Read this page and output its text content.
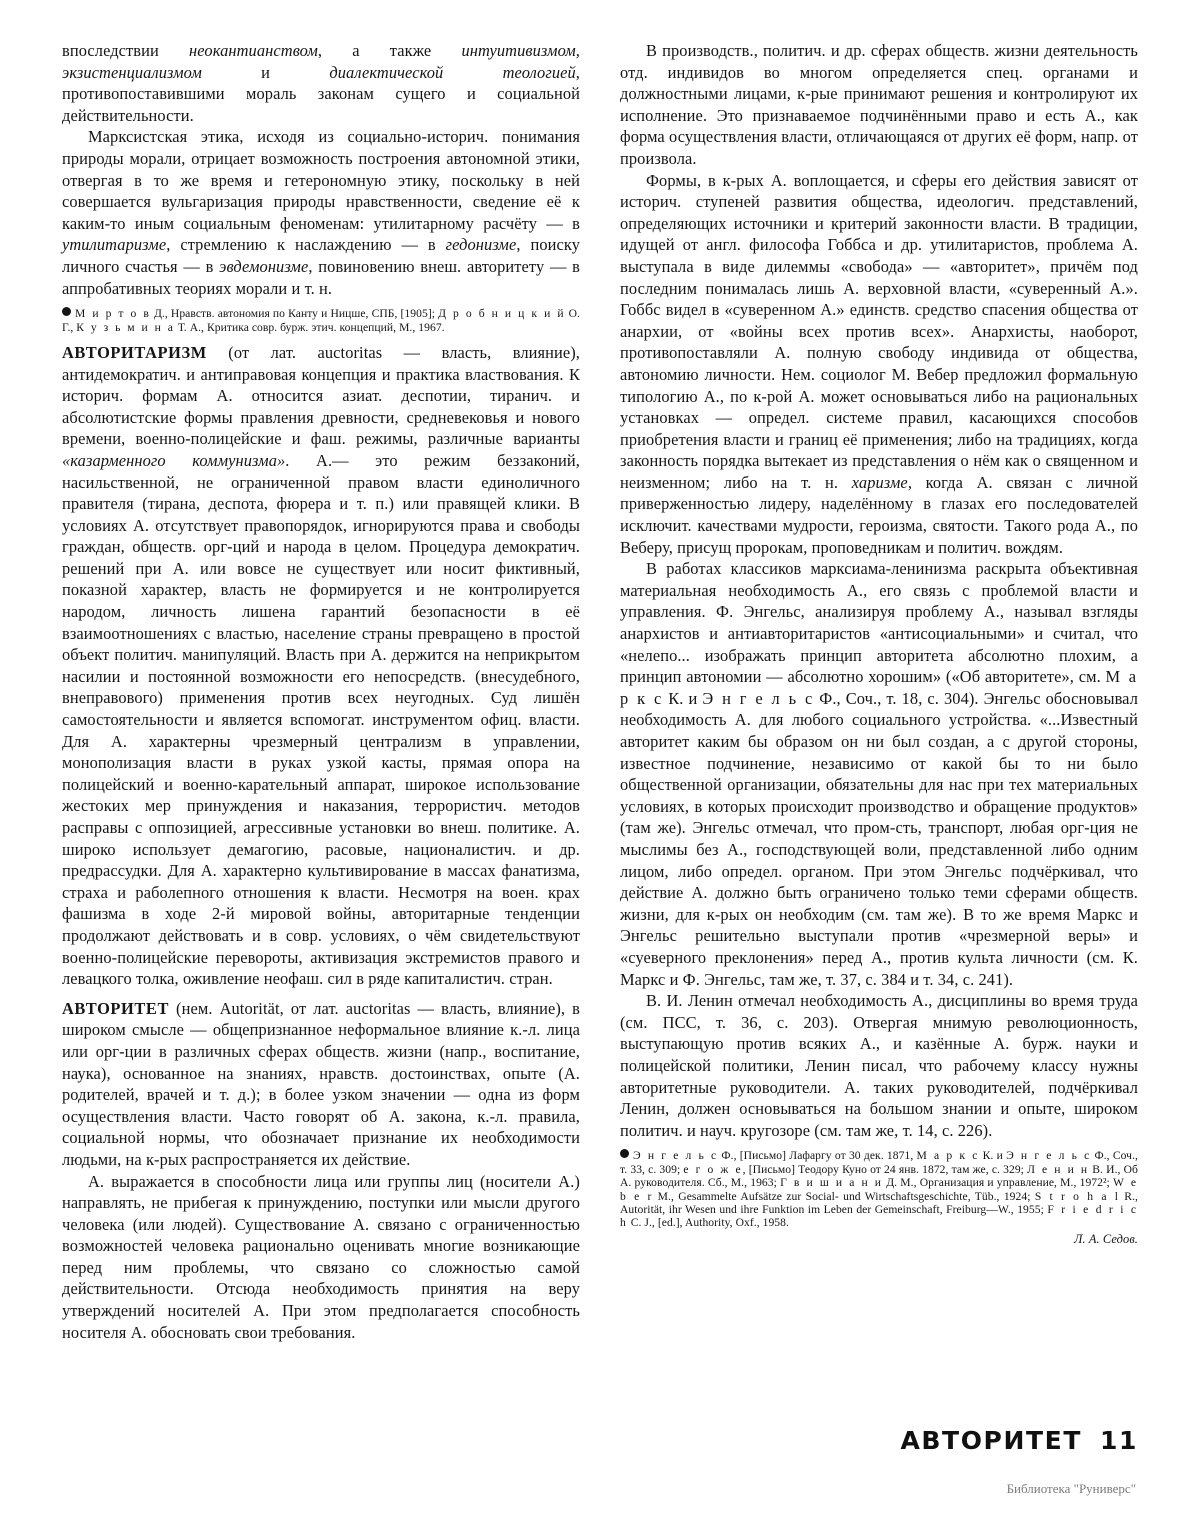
впоследствии неокантианством, а также интуитивизмом, экзистенциализмом и диалектической теологией, противопоставившими мораль законам сущего и социальной действительности.

Марксистская этика, исходя из социально-историч. понимания природы морали, отрицает возможность построения автономной этики, отвергая в то же время и гетерономную этику, поскольку в ней совершается вульгаризация природы нравственности, сведение её к каким-то иным социальным феноменам: утилитарному расчёту — в утилитаризме, стремлению к наслаждению — в гедонизме, поиску личного счастья — в эвдемонизме, повиновению внеш. авторитету — в аппробативных теориях морали и т. н.

М и р т о в Д., Нравств. автономия по Канту и Ницше, СПБ, [1905]; Д р о б н и ц к и й О. Г., К у з ь м и н а Т. А., Критика совр. бурж. этич. концепций, М., 1967.

АВТОРИТАРИЗМ (от лат. auctoritas — власть, влияние), антидемократич. и антиправовая концепция и практика властвования. К историч. формам А. относится азиат. деспотии, тиранич. и абсолютистские формы правления древности, средневековья и нового времени, военно-полицейские и фаш. режимы, различные варианты «казарменного коммунизма». А.— это режим беззаконий, насильственной, не ограниченной правом власти единоличного правителя (тирана, деспота, фюрера и т. п.) или правящей клики. В условиях А. отсутствует правопорядок, игнорируются права и свободы граждан, обществ. орг-ций и народа в целом. Процедура демократич. решений при А. или вовсе не существует или носит фиктивный, показной характер, власть не формируется и не контролируется народом, личность лишена гарантий безопасности в её взаимоотношениях с властью, население страны превращено в простой объект политич. манипуляций. Власть при А. держится на неприкрытом насилии и постоянной возможности его непосредств. (внесудебного, внеправового) применения против всех неугодных. Суд лишён самостоятельности и является вспомогат. инструментом офиц. власти. Для А. характерны чрезмерный централизм в управлении, монополизация власти в руках узкой касты, прямая опора на полицейский и военно-карательный аппарат, широкое использование жестоких мер принуждения и наказания, террористич. методов расправы с оппозицией, агрессивные установки во внеш. политике. А. широко использует демагогию, расовые, националистич. и др. предрассудки. Для А. характерно культивирование в массах фанатизма, страха и раболепного отношения к власти. Несмотря на воен. крах фашизма в ходе 2-й мировой войны, авторитарные тенденции продолжают действовать и в совр. условиях, о чём свидетельствуют военно-полицейские перевороты, активизация экстремистов правого и левацкого толка, оживление неофаш. сил в ряде капиталистич. стран.

АВТОРИТЕТ (нем. Autorität, от лат. auctoritas — власть, влияние), в широком смысле — общепризнанное неформальное влияние к.-л. лица или орг-ции в различных сферах обществ. жизни (напр., воспитание, наука), основанное на знаниях, нравств. достоинствах, опыте (А. родителей, врачей и т. д.); в более узком значении — одна из форм осуществления власти. Часто говорят об А. закона, к.-л. правила, социальной нормы, что обозначает признание их необходимости людьми, на к-рых распространяется их действие.

А. выражается в способности лица или группы лиц (носители А.) направлять, не прибегая к принуждению, поступки или мысли другого человека (или людей). Существование А. связано с ограниченностью возможностей человека рационально оценивать многие возникающие перед ним проблемы, что связано со сложностью самой действительности. Отсюда необходимость принятия на веру утверждений носителей А. При этом предполагается способность носителя А. обосновать свои требования.

В производств., политич. и др. сферах обществ. жизни деятельность отд. индивидов во многом определяется спец. органами и должностными лицами, к-рые принимают решения и контролируют их исполнение. Это признаваемое подчинёнными право и есть А., как форма осуществления власти, отличающаяся от других её форм, напр. от произвола.

Формы, в к-рых А. воплощается, и сферы его действия зависят от историч. ступеней развития общества, идеологич. представлений, определяющих источники и критерий законности власти. В традиции, идущей от англ. философа Гоббса и др. утилитаристов, проблема А. выступала в виде дилеммы «свобода» — «авторитет», причём под последним понималась лишь А. верховной власти, «суверенный А.». Гоббс видел в «суверенном А.» единств. средство спасения общества от анархии, от «войны всех против всех». Анархисты, наоборот, противопоставляли А. полную свободу индивида от общества, автономию личности. Нем. социолог М. Вебер предложил формальную типологию А., по к-рой А. может основываться либо на рациональных установках — определ. системе правил, касающихся способов приобретения власти и границ её применения; либо на традициях, когда законность порядка вытекает из представления о нём как о священном и неизменном; либо на т. н. харизме, когда А. связан с личной приверженностью лидеру, наделённому в глазах его последователей исключит. качествами мудрости, героизма, святости. Такого рода А., по Веберу, присущ пророкам, проповедникам и политич. вождям.

В работах классиков марксиама-ленинизма раскрыта объективная материальная необходимость А., его связь с проблемой власти и управления. Ф. Энгельс, анализируя проблему А., называл взгляды анархистов и антиавторитаристов «антисоциальными» и считал, что «нелепо... изображать принцип авторитета абсолютно плохим, а принцип автономии — абсолютно хорошим» («Об авторитете», см. М а р к с К. и Э н г е л ь с Ф., Соч., т. 18, с. 304). Энгельс обосновывал необходимость А. для любого социального устройства. «...Известный авторитет каким бы образом он ни был создан, а с другой стороны, известное подчинение, независимо от какой бы то ни было общественной организации, обязательны для нас при тех материальных условиях, в которых происходит производство и обращение продуктов» (там же). Энгельс отмечал, что пром-сть, транспорт, любая орг-ция не мыслимы без А., господствующей воли, представленной либо одним лицом, либо определ. органом. При этом Энгельс подчёркивал, что действие А. должно быть ограничено только теми сферами обществ. жизни, для к-рых он необходим (см. там же). В то же время Маркс и Энгельс решительно выступали против «чрезмерной веры» и «суеверного преклонения» перед А., против культа личности (см. К. Маркс и Ф. Энгельс, там же, т. 37, с. 384 и т. 34, с. 241).

В. И. Ленин отмечал необходимость А., дисциплины во время труда (см. ПСС, т. 36, с. 203). Отвергая мнимую революционность, выступающую против всяких А., и казённые А. бурж. науки и полицейской политики, Ленин писал, что рабочему классу нужны авторитетные руководители. А. таких руководителей, подчёркивал Ленин, должен основываться на большом знании и опыте, широком политич. и науч. кругозоре (см. там же, т. 14, с. 226).

Э н г е л ь с Ф., [Письмо] Лафаргу от 30 дек. 1871, М а р к с К. и Э н г е л ь с Ф., Соч., т. 33, с. 309; е г о ж е, [Письмо] Теодору Куно от 24 янв. 1872, там же, с. 329; Л е н и н В. И., Об А. руководителя. Сб., М., 1963; Г в и ш и а н и Д. М., Организация и управление, М., 1972²; W e b e r M., Gesammelte Aufsätze zur Social- und Wirtschaftsgeschichte, Tüb., 1924; S t r o h a l R., Autorität, ihr Wesen und ihre Funktion im Leben der Gemeinschaft, Freiburg—W., 1955; F r i e d r i c h C. J., [ed.], Authority, Oxf., 1958.

Л. А. Седов.

АВТОРИТЕТ 11
Библиотека "Руниверс"
